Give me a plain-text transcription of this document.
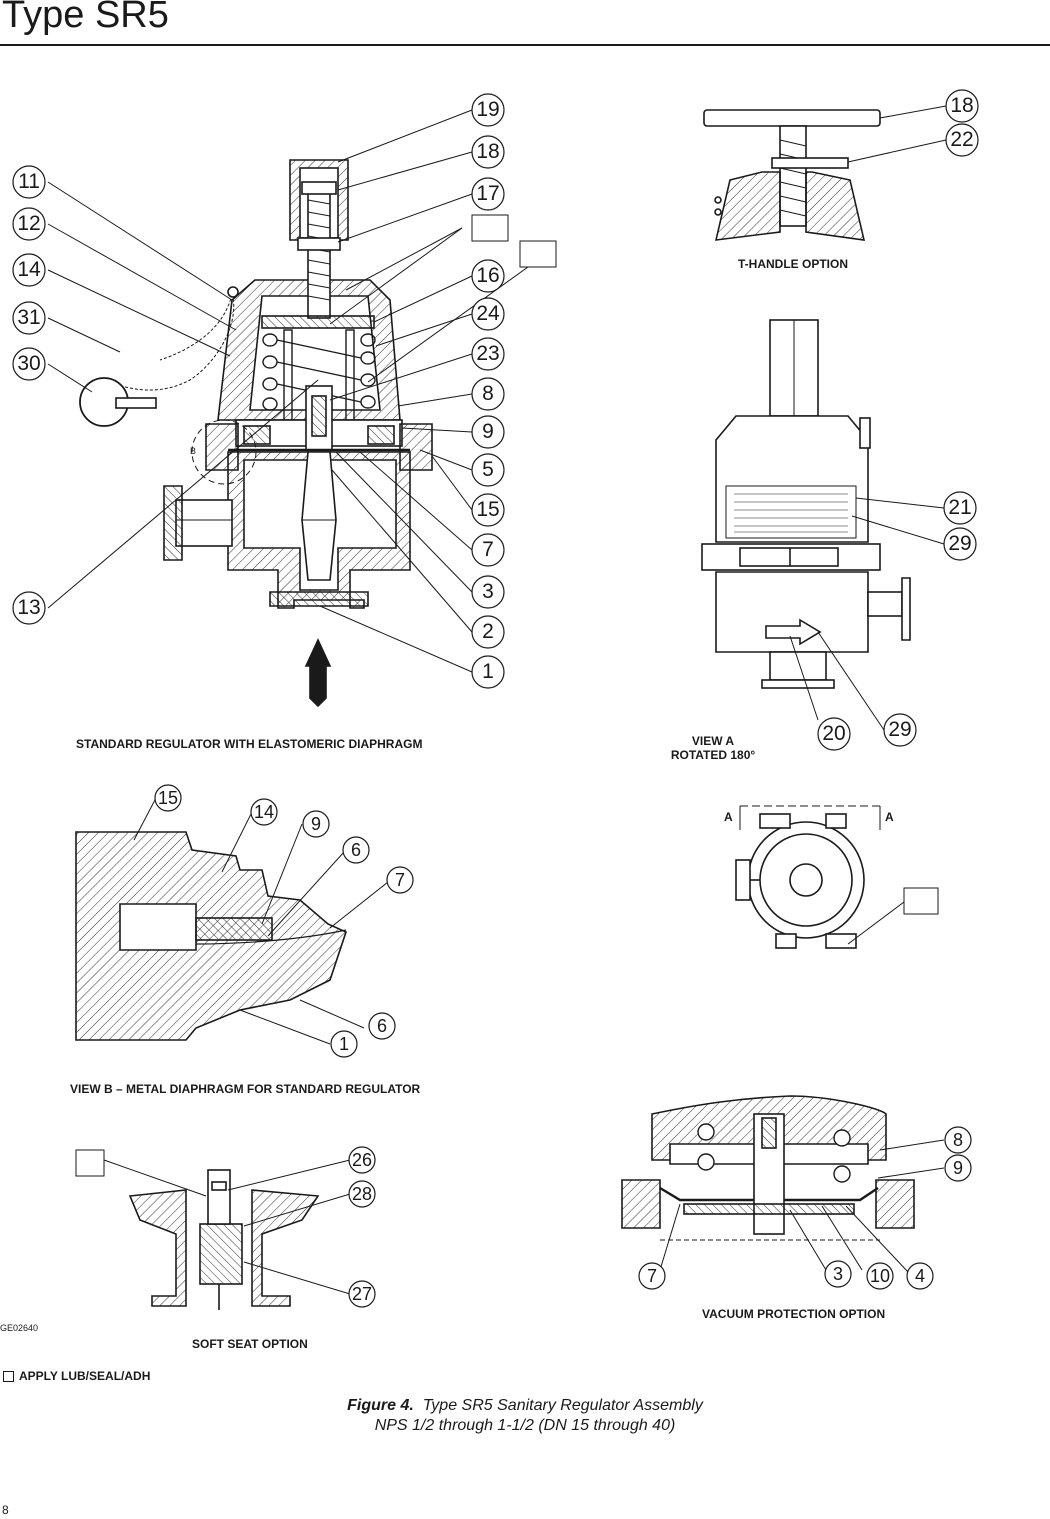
Type SR5
11
12
14
31
30
13
19
18
17
16
24
23
8
9
5
15
7
3
2
1
18
22
21
29
20 29
15
14
9
6
7
6
1
26
28
27
8
9
7	3	10	4
B
STANDARD REGULATOR WITH ELASTOMERIC DIAPHRAGM
T-HANDLE OPTION
VIEW A
ROTATED 180°
A	A
VIEW B – METAL DIAPHRAGM FOR STANDARD REGULATOR
VACUUM PROTECTION OPTION
GE02640
SOFT SEAT OPTION
APPLY LUB/SEAL/ADH
Figure 4. Type SR5 Sanitary Regulator Assembly
NPS 1/2 through 1-1/2 (DN 15 through 40)
8
